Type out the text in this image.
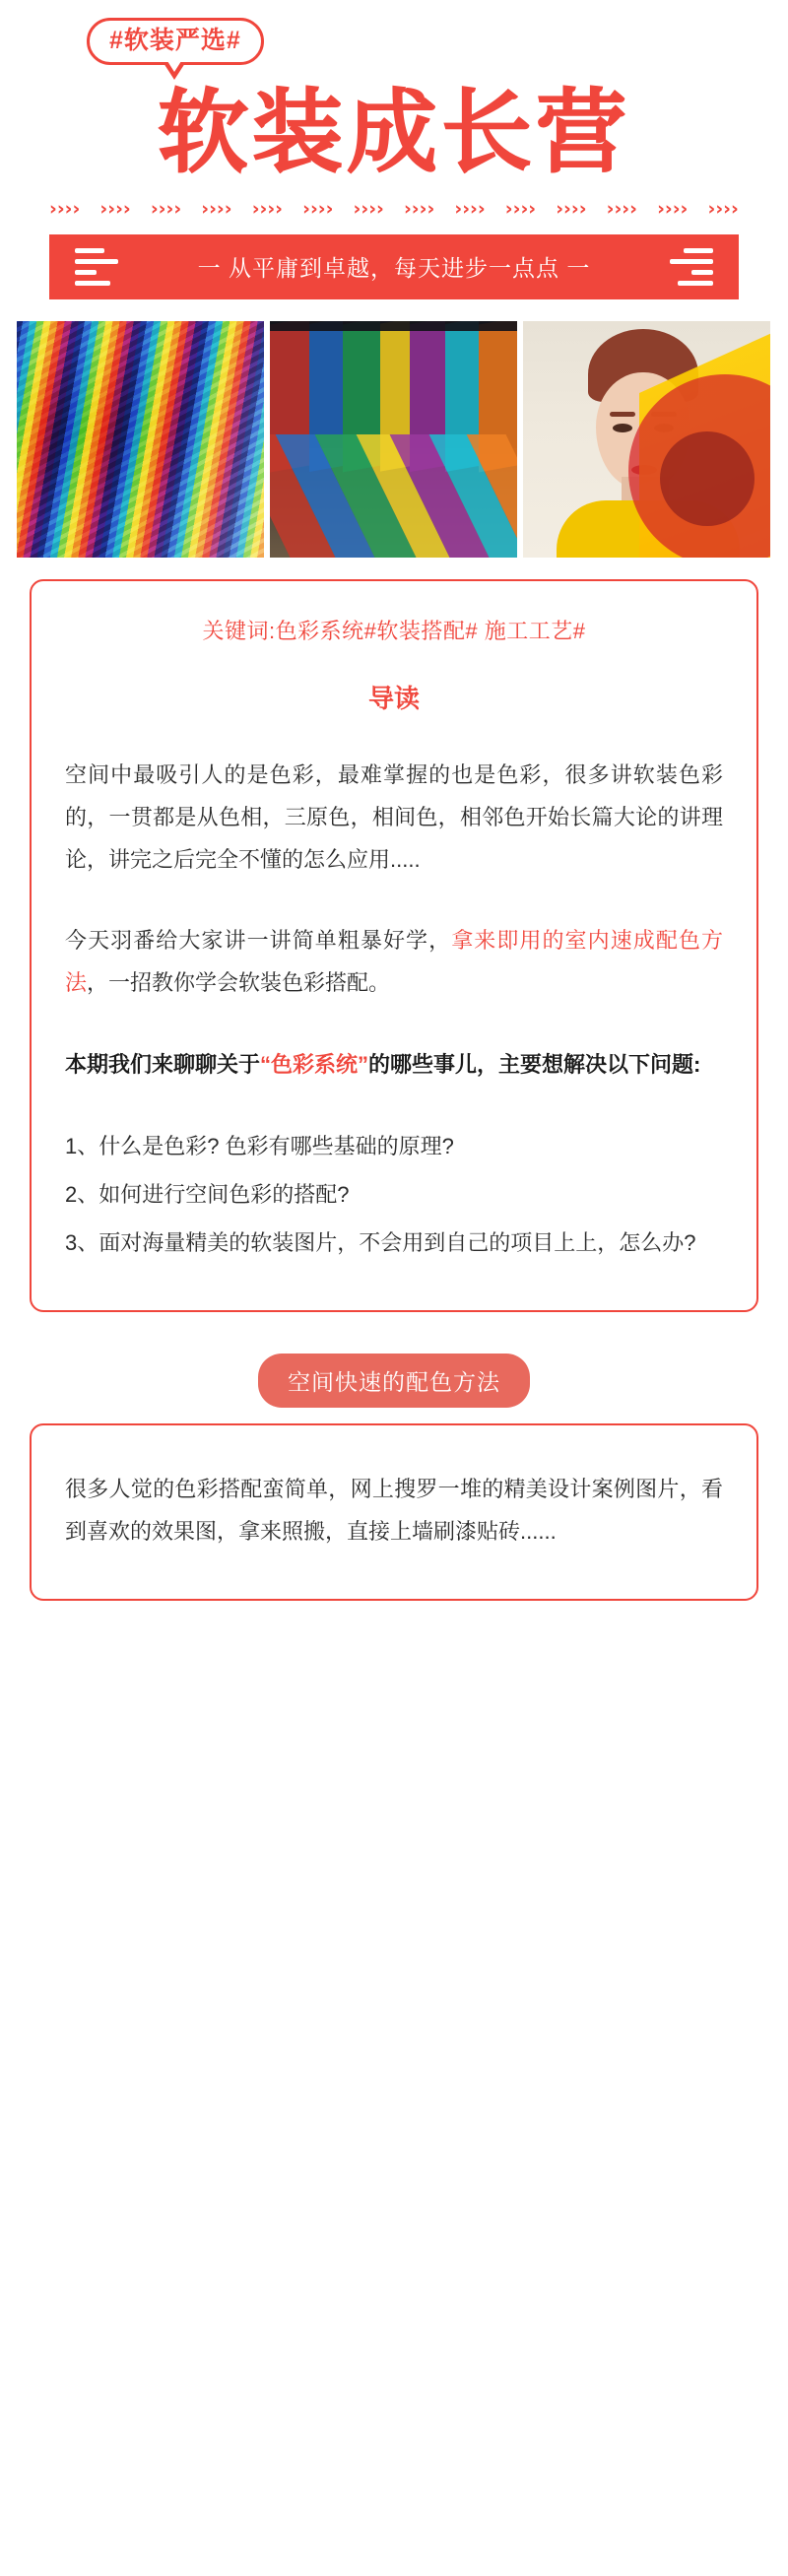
#软装严选#
软装成长营
›››› ›››› ›››› ›››› ›››› ›››› ›››› ›››› ›››› ›››› ›››› ›››› ›››› ››››
一 从平庸到卓越，每天进步一点点 一
关键词:色彩系统#软装搭配# 施工工艺#
导读

空间中最吸引人的是色彩，最难掌握的也是色彩，很多讲软装色彩的，一贯都是从色相，三原色，相间色，相邻色开始长篇大论的讲理论，讲完之后完全不懂的怎么应用.....

今天羽番给大家讲一讲简单粗暴好学，拿来即用的室内速成配色方法，一招教你学会软装色彩搭配。

本期我们来聊聊关于“色彩系统”的哪些事儿，主要想解决以下问题:

1、什么是色彩? 色彩有哪些基础的原理?
2、如何进行空间色彩的搭配?
3、面对海量精美的软装图片，不会用到自己的项目上上，怎么办?
空间快速的配色方法

很多人觉的色彩搭配蛮简单，网上搜罗一堆的精美设计案例图片，看到喜欢的效果图，拿来照搬，直接上墙刷漆贴砖......
